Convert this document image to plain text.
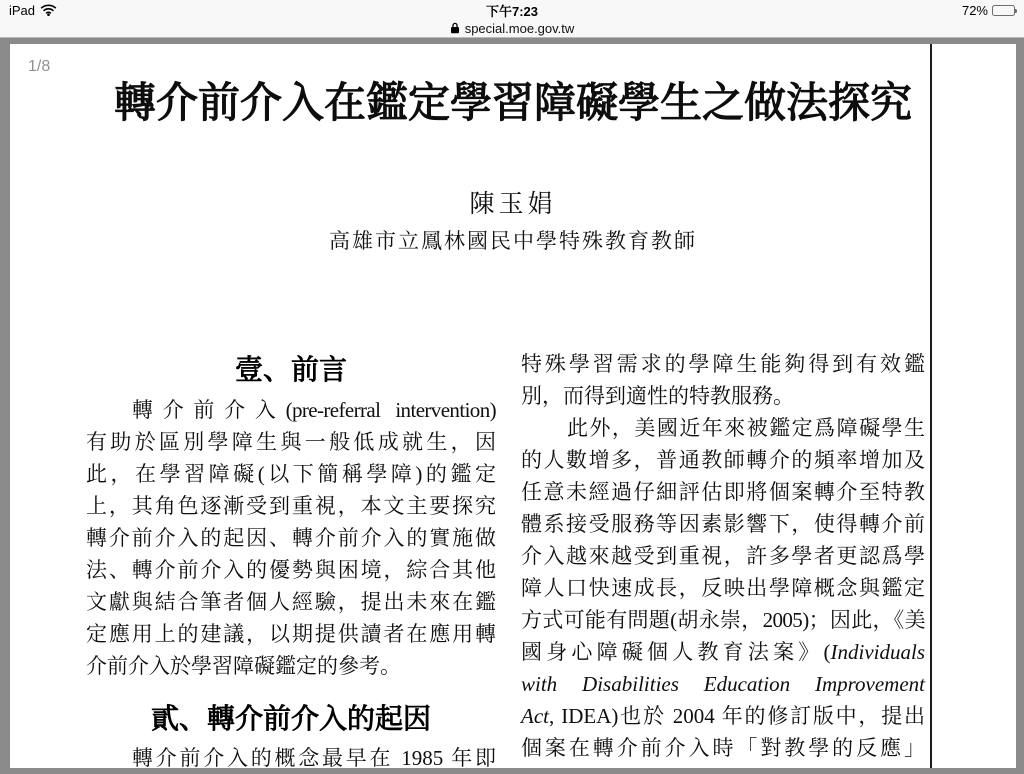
iPad	下午7:23	72%
special.moe.gov.tw
1/8
轉介前介入在鑑定學習障礙學生之做法探究
陳玉娟
高雄市立鳳林國民中學特殊教育教師
壹、前言
轉介前介入(pre-referral intervention)
有助於區別學障生與一般低成就生，因
此，在學習障礙(以下簡稱學障)的鑑定
上，其角色逐漸受到重視，本文主要探究
轉介前介入的起因、轉介前介入的實施做
法、轉介前介入的優勢與困境，綜合其他
文獻與結合筆者個人經驗，提出未來在鑑
定應用上的建議，以期提供讀者在應用轉
介前介入於學習障礙鑑定的參考。
貳、轉介前介入的起因
轉介前介入的概念最早在 1985 年即
特殊學習需求的學障生能夠得到有效鑑
別，而得到適性的特教服務。
此外，美國近年來被鑑定爲障礙學生
的人數增多，普通教師轉介的頻率增加及
任意未經過仔細評估即將個案轉介至特教
體系接受服務等因素影響下，使得轉介前
介入越來越受到重視，許多學者更認爲學
障人口快速成長，反映出學障概念與鑑定
方式可能有問題(胡永崇，2005)；因此，《美
國身心障礙個人教育法案》(Individuals
with Disabilities Education Improvement
Act, IDEA)也於 2004 年的修訂版中，提出
個案在轉介前介入時「對教學的反應」
